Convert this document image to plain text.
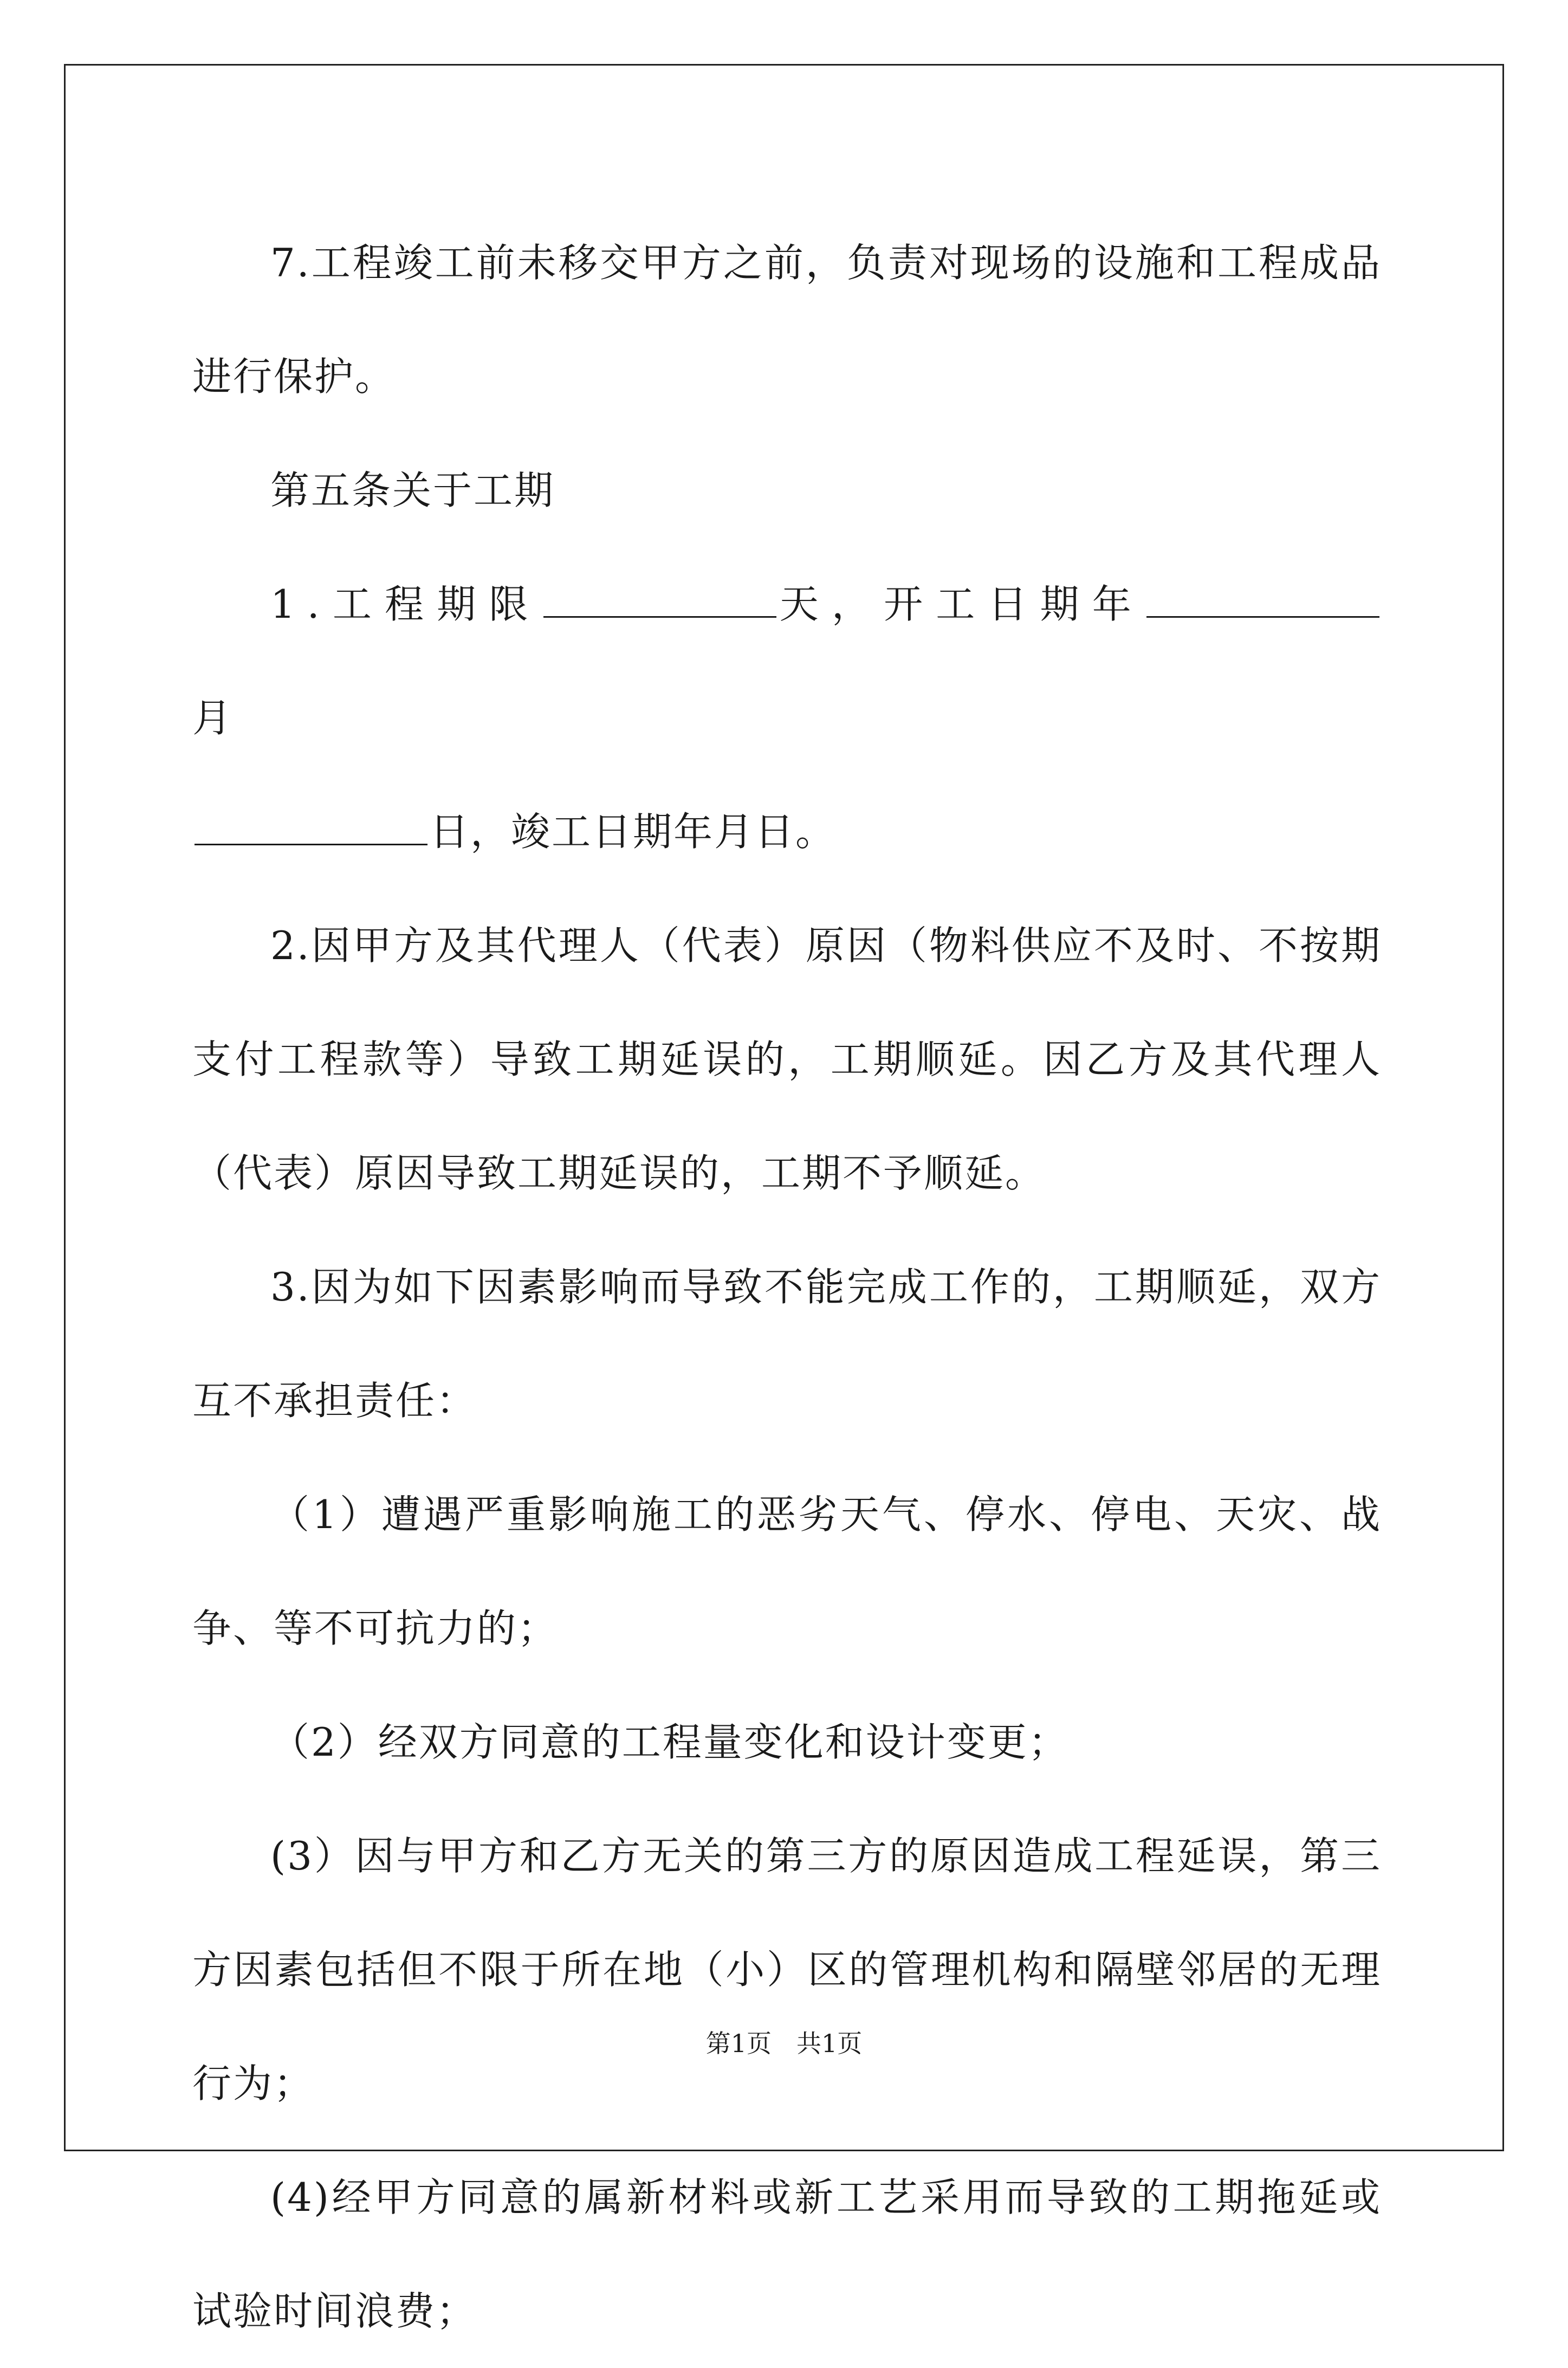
7.工程竣工前未移交甲方之前，负责对现场的设施和工程成品进行保护。

第五条关于工期

1.工程期限	天，开工日期年月

日，竣工日期年月日。

2.因甲方及其代理人（代表）原因（物料供应不及时、不按期支付工程款等）导致工期延误的，工期顺延。因乙方及其代理人（代表）原因导致工期延误的，工期不予顺延。

3.因为如下因素影响而导致不能完成工作的，工期顺延，双方互不承担责任：

（1）遭遇严重影响施工的恶劣天气、停水、停电、天灾、战争、等不可抗力的；

（2）经双方同意的工程量变化和设计变更；

(3）因与甲方和乙方无关的第三方的原因造成工程延误，第三方因素包括但不限于所在地（小）区的管理机构和隔壁邻居的无理行为；

(4)经甲方同意的属新材料或新工艺采用而导致的工期拖延或试验时间浪费；

第1页　共1页
